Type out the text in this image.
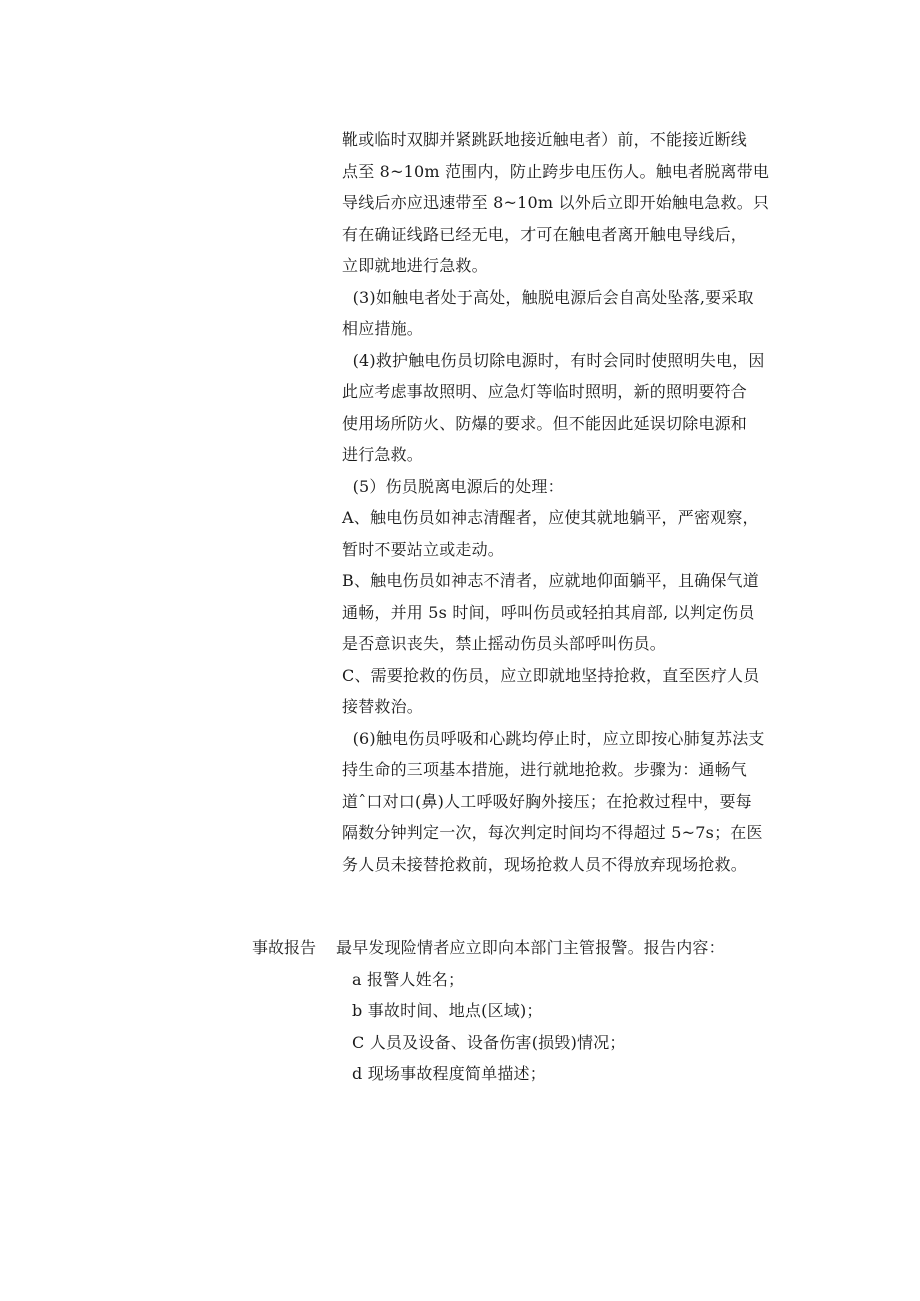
靴或临时双脚并紧跳跃地接近触电者）前，不能接近断线
点至 8~10m 范围内，防止跨步电压伤人。触电者脱离带电
导线后亦应迅速带至 8~10m 以外后立即开始触电急救。只
有在确证线路已经无电，才可在触电者离开触电导线后，
立即就地进行急救。
(3)如触电者处于高处，触脱电源后会自高处坠落,要采取
相应措施。
(4)救护触电伤员切除电源时，有时会同时使照明失电，因
此应考虑事故照明、应急灯等临时照明，新的照明要符合
使用场所防火、防爆的要求。但不能因此延误切除电源和
进行急救。
(5）伤员脱离电源后的处理：
A、触电伤员如神志清醒者，应使其就地躺平，严密观察，
暂时不要站立或走动。
B、触电伤员如神志不清者，应就地仰面躺平，且确保气道
通畅，并用 5s 时间，呼叫伤员或轻拍其肩部, 以判定伤员
是否意识丧失，禁止摇动伤员头部呼叫伤员。
C、需要抢救的伤员，应立即就地坚持抢救，直至医疗人员
接替救治。
(6)触电伤员呼吸和心跳均停止时，应立即按心肺复苏法支
持生命的三项基本措施，进行就地抢救。步骤为：通畅气
道ˆ口对口(鼻)人工呼吸好胸外接压；在抢救过程中，要每
隔数分钟判定一次，每次判定时间均不得超过 5~7s；在医
务人员未接替抢救前，现场抢救人员不得放弃现场抢救。
事故报告	最早发现险情者应立即向本部门主管报警。报告内容：
a 报警人姓名；
b 事故时间、地点(区域)；
C 人员及设备、设备伤害(损毁)情况；
d 现场事故程度简单描述；
